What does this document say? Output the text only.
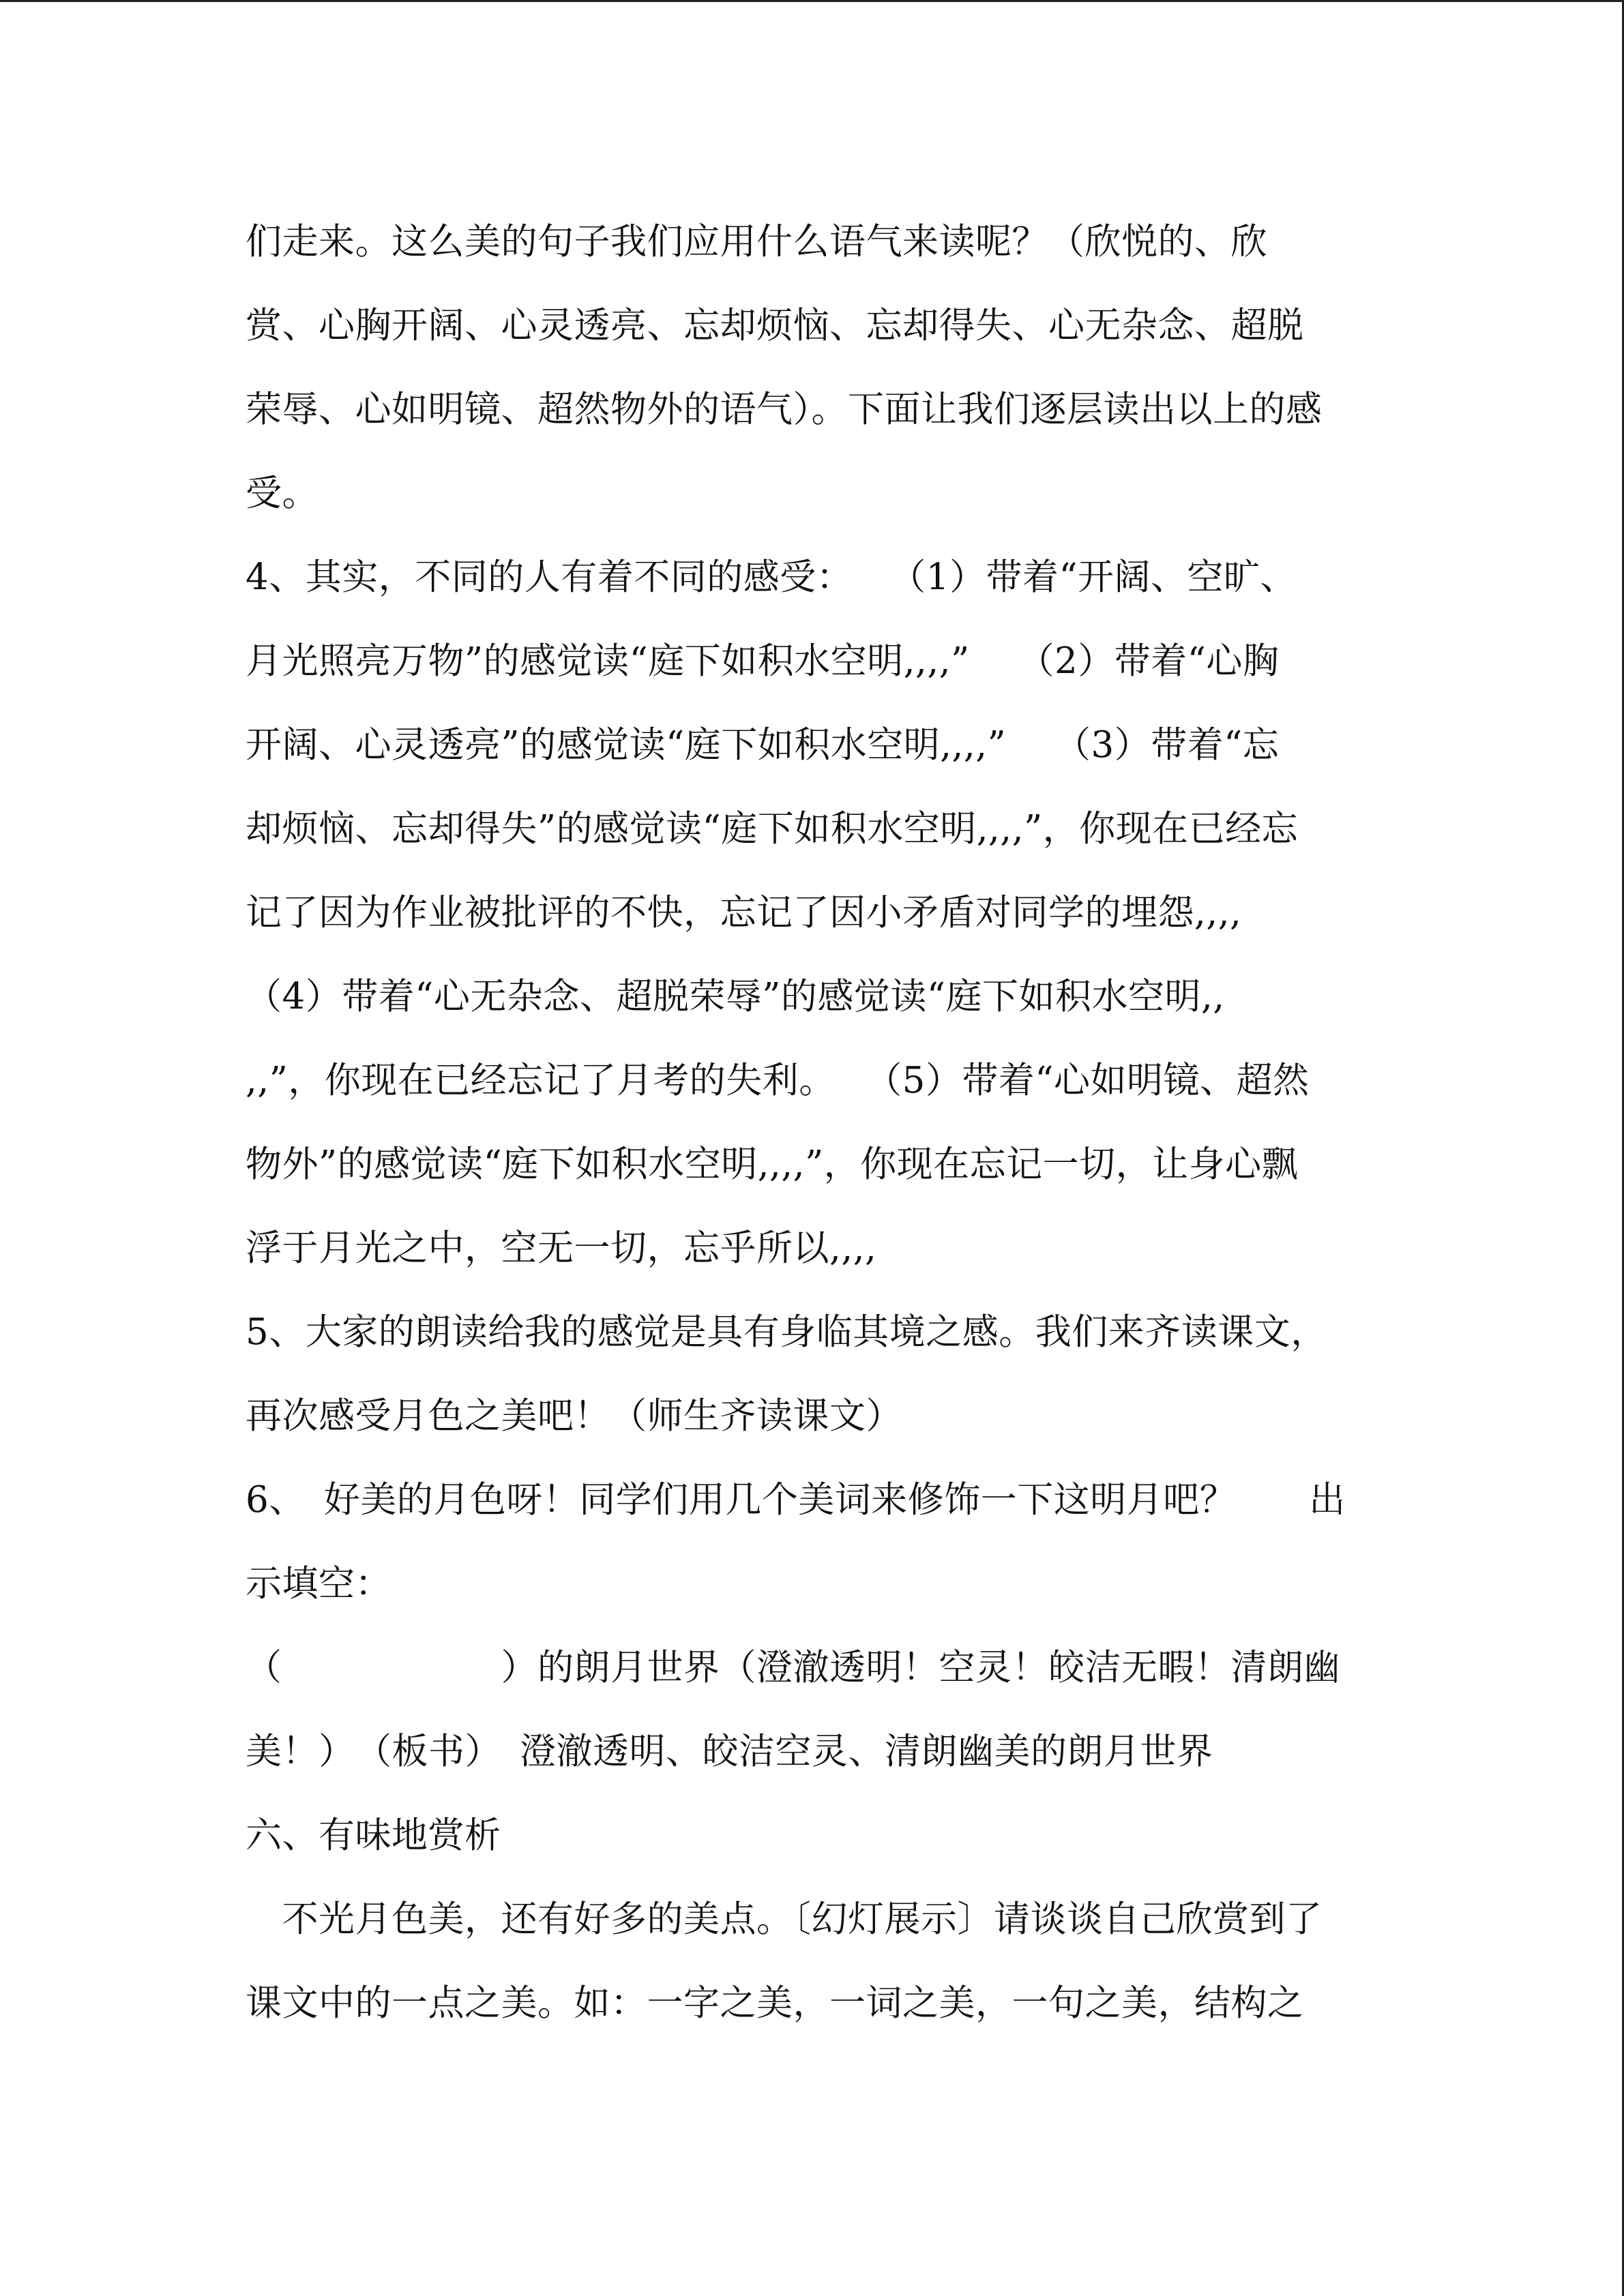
们走来。这么美的句子我们应用什么语气来读呢？（欣悦的、欣
赏、心胸开阔、心灵透亮、忘却烦恼、忘却得失、心无杂念、超脱
荣辱、心如明镜、超然物外的语气）。下面让我们逐层读出以上的感
受。
4、其实，不同的人有着不同的感受：　　（1）带着“开阔、空旷、
月光照亮万物”的感觉读“庭下如积水空明,,,,”　 （2）带着“心胸
开阔、心灵透亮”的感觉读“庭下如积水空明,,,,”　 （3）带着“忘
却烦恼、忘却得失”的感觉读“庭下如积水空明,,,,”，你现在已经忘
记了因为作业被批评的不快，忘记了因小矛盾对同学的埋怨,,,,
（4）带着“心无杂念、超脱荣辱”的感觉读“庭下如积水空明,,
,,”，你现在已经忘记了月考的失利。　 （5）带着“心如明镜、超然
物外”的感觉读“庭下如积水空明,,,,”，你现在忘记一切，让身心飘
浮于月光之中，空无一切，忘乎所以,,,,
5、大家的朗读给我的感觉是具有身临其境之感。我们来齐读课文，
再次感受月色之美吧！（师生齐读课文）
6、　好美的月色呀！同学们用几个美词来修饰一下这明月吧？　　出
示填空：
（　　　　　　）的朗月世界（澄澈透明！空灵！皎洁无暇！清朗幽
美！）　（板书）　澄澈透明、皎洁空灵、清朗幽美的朗月世界
六、有味地赏析
　不光月色美，还有好多的美点。〔幻灯展示〕请谈谈自己欣赏到了
课文中的一点之美。如：一字之美，一词之美，一句之美，结构之
